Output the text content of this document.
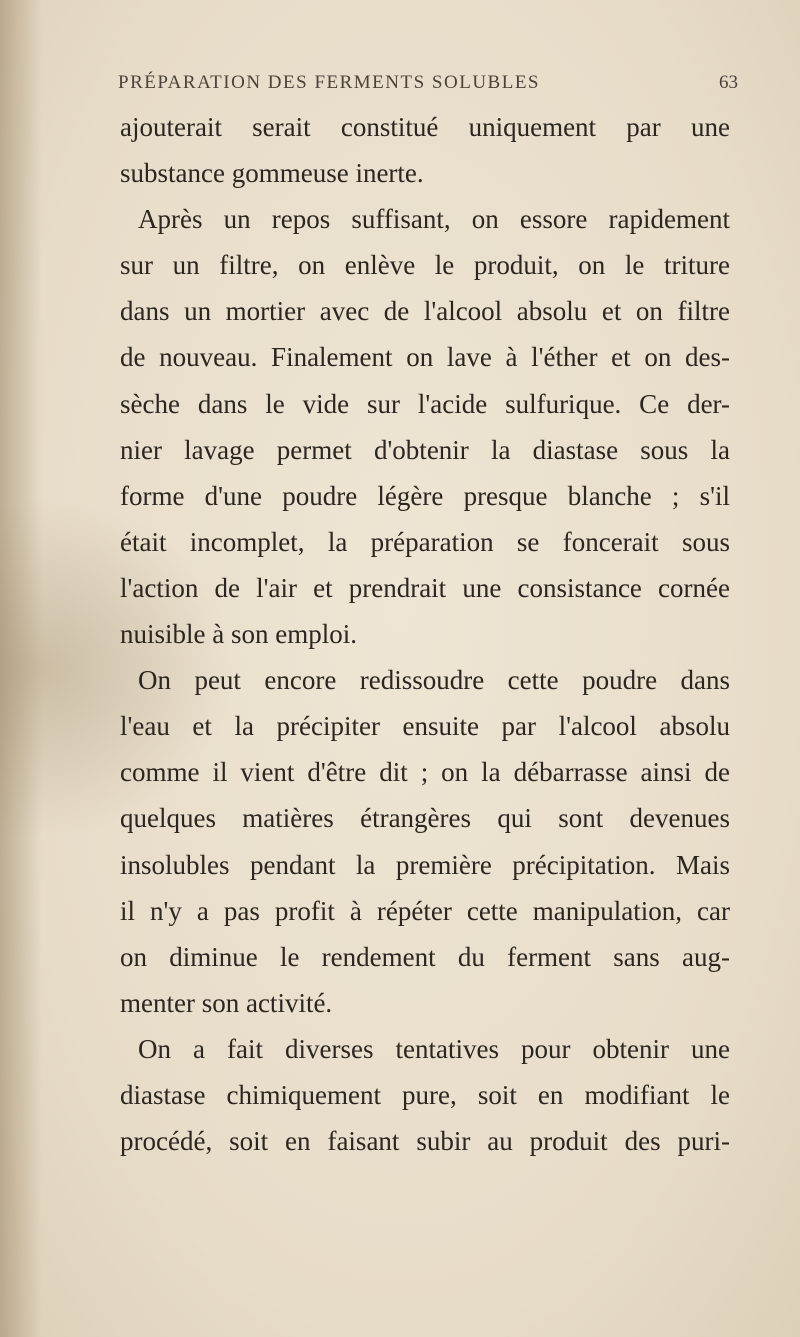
PRÉPARATION DES FERMENTS SOLUBLES	63
ajouterait serait constitué uniquement par une
substance gommeuse inerte.
Après un repos suffisant, on essore rapidement
sur un filtre, on enlève le produit, on le triture
dans un mortier avec de l'alcool absolu et on filtre
de nouveau. Finalement on lave à l'éther et on des-
sèche dans le vide sur l'acide sulfurique. Ce der-
nier lavage permet d'obtenir la diastase sous la
forme d'une poudre légère presque blanche ; s'il
était incomplet, la préparation se foncerait sous
l'action de l'air et prendrait une consistance cornée
nuisible à son emploi.
On peut encore redissoudre cette poudre dans
l'eau et la précipiter ensuite par l'alcool absolu
comme il vient d'être dit ; on la débarrasse ainsi de
quelques matières étrangères qui sont devenues
insolubles pendant la première précipitation. Mais
il n'y a pas profit à répéter cette manipulation, car
on diminue le rendement du ferment sans aug-
menter son activité.
On a fait diverses tentatives pour obtenir une
diastase chimiquement pure, soit en modifiant le
procédé, soit en faisant subir au produit des puri-
